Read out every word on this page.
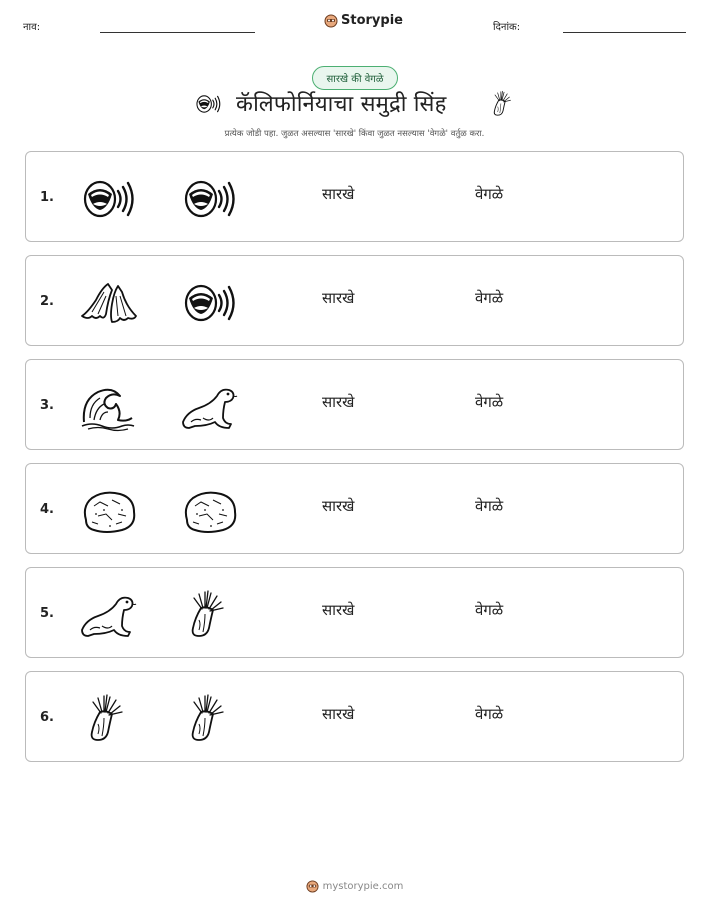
नाव:	Storypie	दिनांक:
सारखे की वेगळे
कॅलिफोर्नियाचा समुद्री सिंह
प्रत्येक जोडी पहा. जुळत असल्यास 'सारखे' किंवा जुळत नसल्यास 'वेगळे' वर्तुळ करा.
1.	सारखे	वेगळे
2.	सारखे	वेगळे
3.	सारखे	वेगळे
4.	सारखे	वेगळे
5.	सारखे	वेगळे
6.	सारखे	वेगळे
mystorypie.com
